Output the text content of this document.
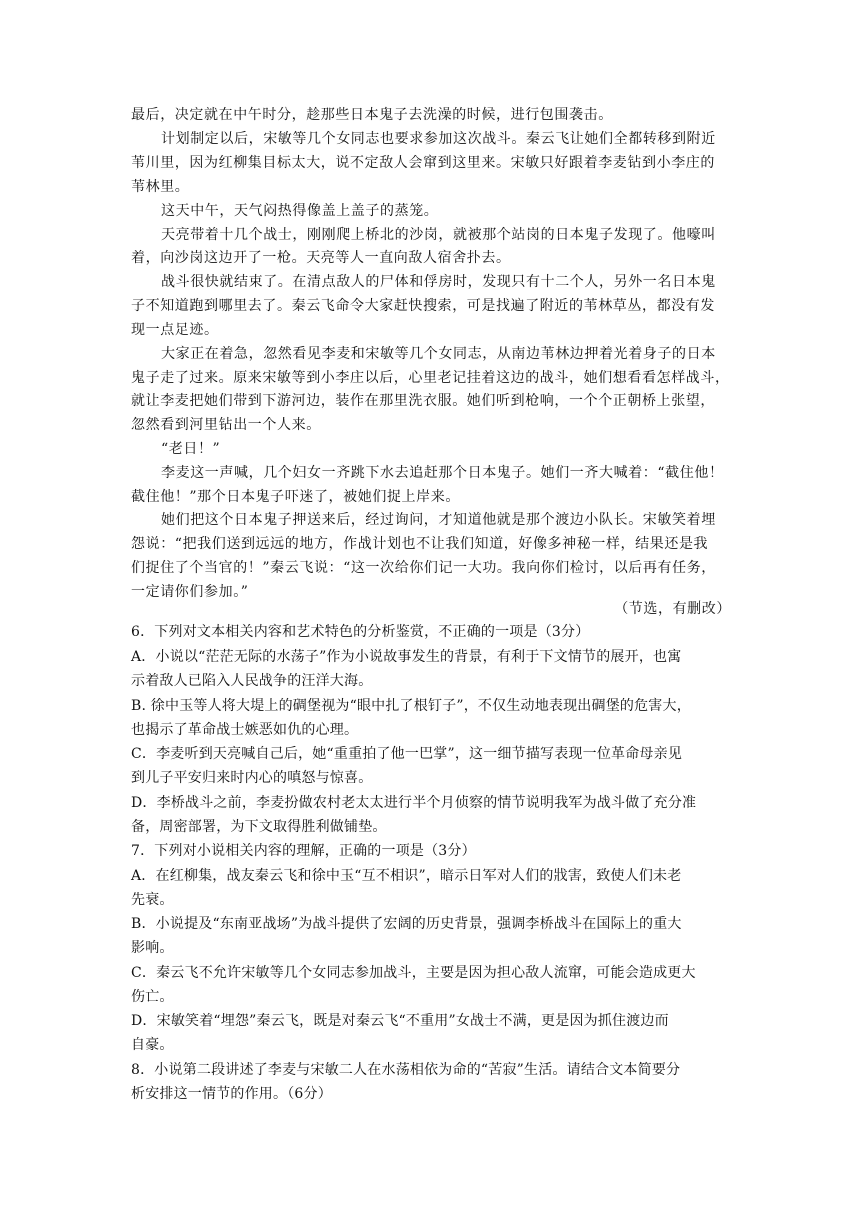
最后，决定就在中午时分，趁那些日本鬼子去洗澡的时候，进行包围袭击。
计划制定以后，宋敏等几个女同志也要求参加这次战斗。秦云飞让她们全都转移到附近
苇川里，因为红柳集目标太大，说不定敌人会窜到这里来。宋敏只好跟着李麦钻到小李庄的
苇林里。
这天中午，天气闷热得像盖上盖子的蒸笼。
天亮带着十几个战士，刚刚爬上桥北的沙岗，就被那个站岗的日本鬼子发现了。他嚎叫
着，向沙岗这边开了一枪。天亮等人一直向敌人宿舍扑去。
战斗很快就结束了。在清点敌人的尸体和俘房时，发现只有十二个人，另外一名日本鬼
子不知道跑到哪里去了。秦云飞命令大家赶快搜索，可是找遍了附近的苇林草丛，都没有发
现一点足迹。
大家正在着急，忽然看见李麦和宋敏等几个女同志，从南边苇林边押着光着身子的日本
鬼子走了过来。原来宋敏等到小李庄以后，心里老记挂着这边的战斗，她们想看看怎样战斗，
就让李麦把她们带到下游河边，装作在那里洗衣服。她们听到枪响，一个个正朝桥上张望，
忽然看到河里钻出一个人来。
“老日！”
李麦这一声喊，几个妇女一齐跳下水去追赶那个日本鬼子。她们一齐大喊着：“截住他！
截住他！”那个日本鬼子吓迷了，被她们捉上岸来。
她们把这个日本鬼子押送来后，经过询问，才知道他就是那个渡边小队长。宋敏笑着埋
怨说：“把我们送到远远的地方，作战计划也不让我们知道，好像多神秘一样，结果还是我
们捉住了个当官的！”秦云飞说：“这一次给你们记一大功。我向你们检讨，以后再有任务，
一定请你们参加。”
（节选，有删改）
6．下列对文本相关内容和艺术特色的分析鉴赏，不正确的一项是（3分）
A．小说以“茫茫无际的水荡子”作为小说故事发生的背景，有利于下文情节的展开，也寓
示着敌人已陷入人民战争的汪洋大海。
B. 徐中玉等人将大堤上的碉堡视为“眼中扎了根钉子”，不仅生动地表现出碉堡的危害大，
也揭示了革命战士嫉恶如仇的心理。
C．李麦听到天亮喊自己后，她“重重拍了他一巴掌”，这一细节描写表现一位革命母亲见
到儿子平安归来时内心的嗔怒与惊喜。
D．李桥战斗之前，李麦扮做农村老太太进行半个月侦察的情节说明我军为战斗做了充分准
备，周密部署，为下文取得胜利做铺垫。
7．下列对小说相关内容的理解，正确的一项是（3分）
A．在红柳集，战友秦云飞和徐中玉“互不相识”，暗示日军对人们的戕害，致使人们未老
先衰。
B．小说提及“东南亚战场”为战斗提供了宏阔的历史背景，强调李桥战斗在国际上的重大
影响。
C．秦云飞不允许宋敏等几个女同志参加战斗，主要是因为担心敌人流窜，可能会造成更大
伤亡。
D．宋敏笑着“埋怨”秦云飞，既是对秦云飞“不重用”女战士不满，更是因为抓住渡边而
自豪。
8．小说第二段讲述了李麦与宋敏二人在水荡相依为命的“苦寂”生活。请结合文本简要分
析安排这一情节的作用。（6分）
